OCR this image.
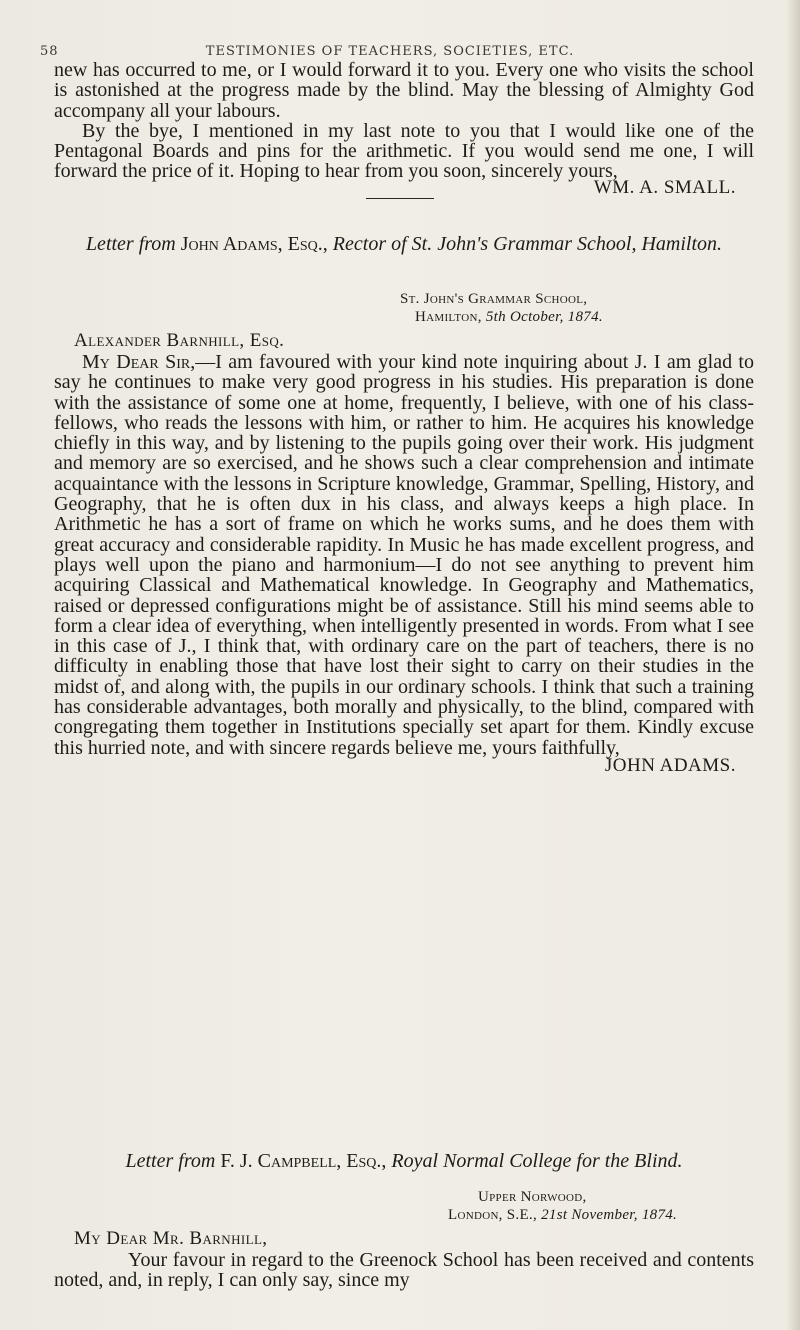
58	TESTIMONIES OF TEACHERS, SOCIETIES, ETC.

new has occurred to me, or I would forward it to you. Every one who visits the school is astonished at the progress made by the blind. May the blessing of Almighty God accompany all your labours.

By the bye, I mentioned in my last note to you that I would like one of the Pentagonal Boards and pins for the arithmetic. If you would send me one, I will forward the price of it. Hoping to hear from you soon, sincerely yours,

WM. A. SMALL.

Letter from John Adams, Esq., Rector of St. John's Grammar School, Hamilton.
St. John's Grammar School,
Hamilton, 5th October, 1874.
Alexander Barnhill, Esq.

My Dear Sir,—I am favoured with your kind note inquiring about J. I am glad to say he continues to make very good progress in his studies. His preparation is done with the assistance of some one at home, frequently, I believe, with one of his class-fellows, who reads the lessons with him, or rather to him. He acquires his knowledge chiefly in this way, and by listening to the pupils going over their work. His judgment and memory are so exercised, and he shows such a clear comprehension and intimate acquaintance with the lessons in Scripture knowledge, Grammar, Spelling, History, and Geography, that he is often dux in his class, and always keeps a high place. In Arithmetic he has a sort of frame on which he works sums, and he does them with great accuracy and considerable rapidity. In Music he has made excellent progress, and plays well upon the piano and harmonium—I do not see anything to prevent him acquiring Classical and Mathematical knowledge. In Geography and Mathematics, raised or depressed configurations might be of assistance. Still his mind seems able to form a clear idea of everything, when intelligently presented in words. From what I see in this case of J., I think that, with ordinary care on the part of teachers, there is no difficulty in enabling those that have lost their sight to carry on their studies in the midst of, and along with, the pupils in our ordinary schools. I think that such a training has considerable advantages, both morally and physically, to the blind, compared with congregating them together in Institutions specially set apart for them. Kindly excuse this hurried note, and with sincere regards believe me, yours faithfully,

JOHN ADAMS.

Letter from F. J. Campbell, Esq., Royal Normal College for the Blind.
Upper Norwood,
London, S.E., 21st November, 1874.
My Dear Mr. Barnhill,

Your favour in regard to the Greenock School has been received and contents noted, and, in reply, I can only say, since my
